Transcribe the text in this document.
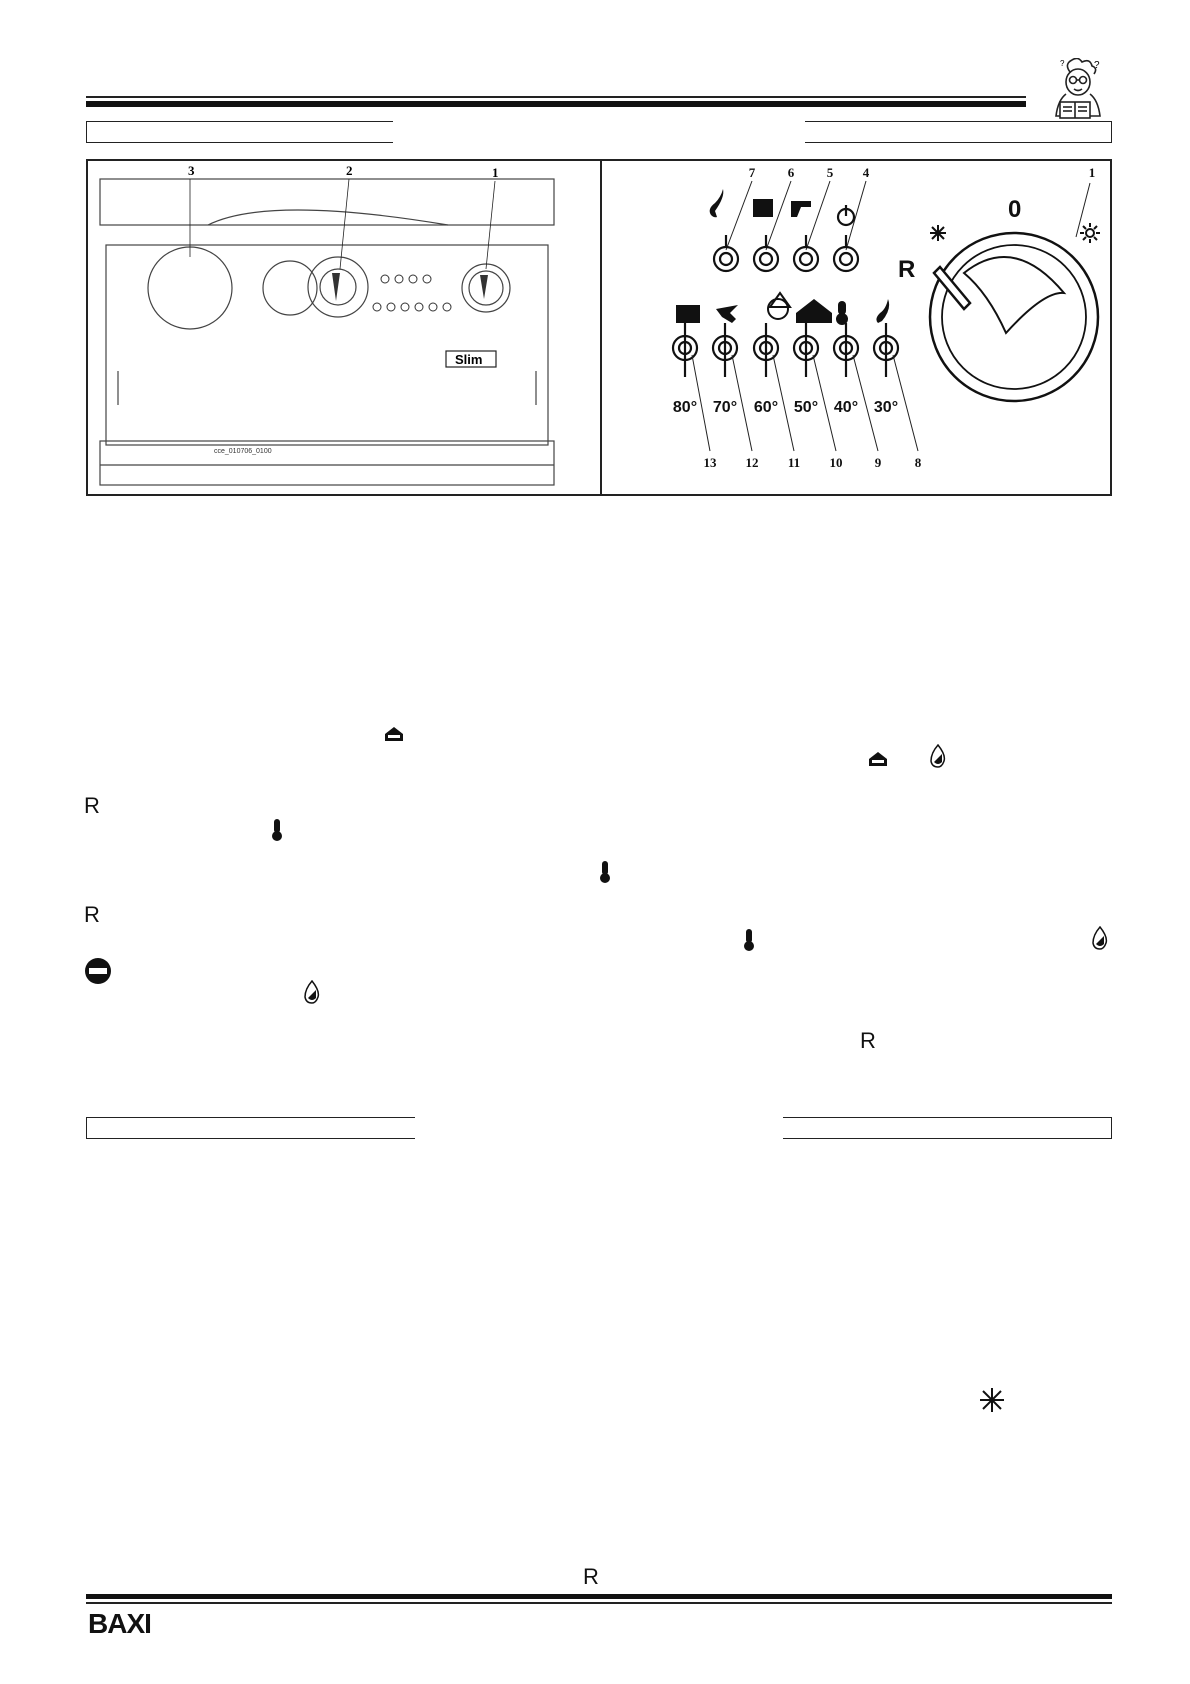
?
?
3	2	1
Slim
cce_010706_0100
80° 70° 60° 50° 40° 30°
R
0
7	6	5 4	1
13 12 11 10 9	8
R
R
R
R
BAXI
